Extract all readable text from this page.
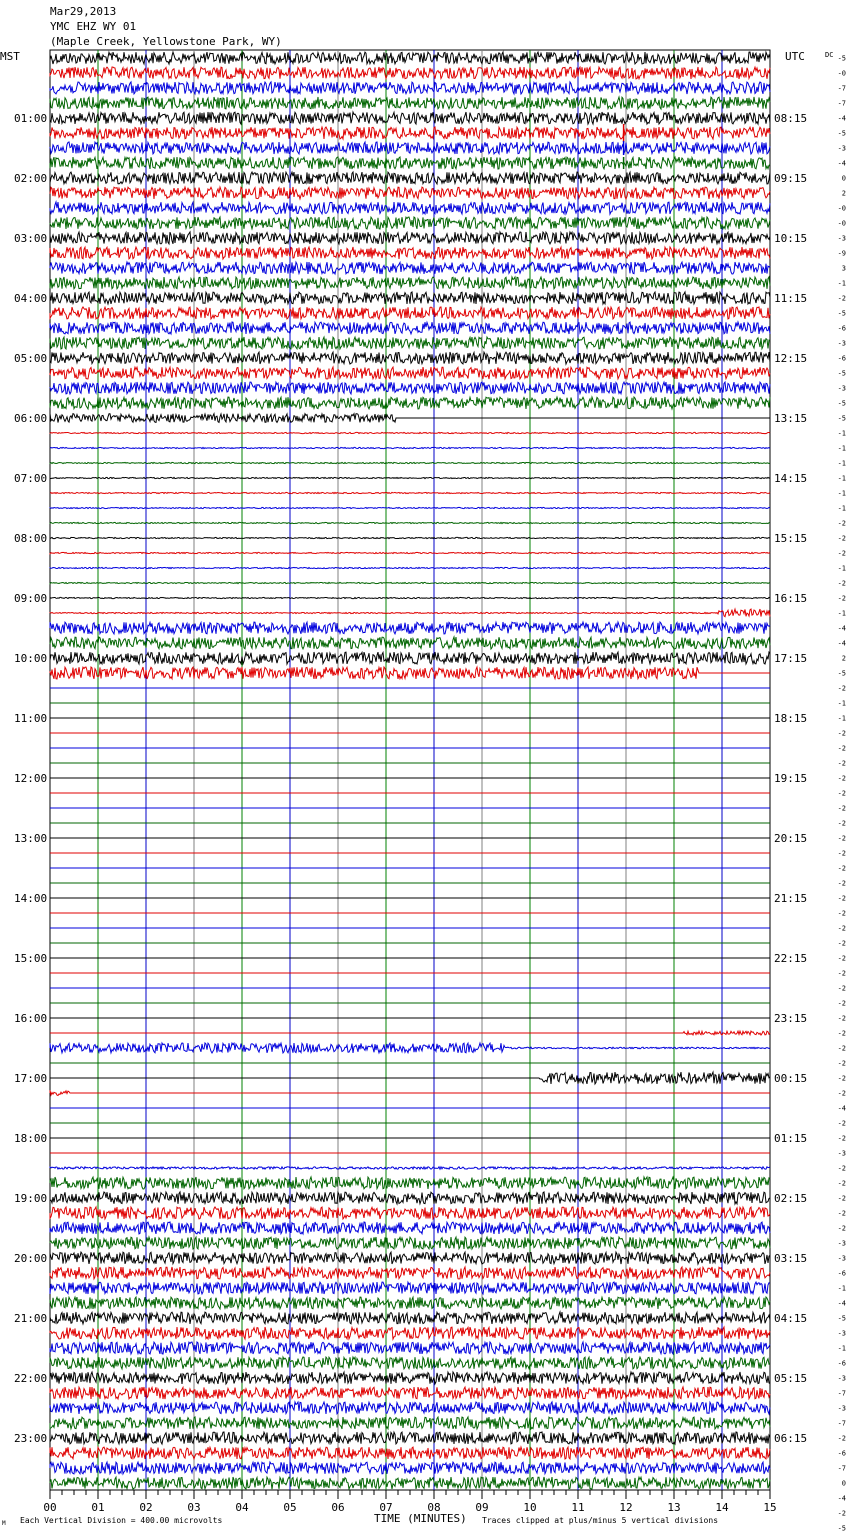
Mar29,2013
YMC EHZ WY 01
(Maple Creek, Yellowstone Park, WY)
MST	UTC	DC
01:00
02:00
03:00
04:00
05:00
06:00
07:00
08:00
09:00
10:00
11:00
12:00
13:00
14:00
15:00
16:00
17:00
18:00
19:00
20:00
21:00
22:00
23:00
08:15
09:15
10:15
11:15
12:15
13:15
14:15
15:15
16:15
17:15
18:15
19:15
20:15
21:15
22:15
23:15
00:15
01:15
02:15
03:15
04:15
05:15
06:15
-5
-0
-7
-7
-4
-5
-3
-4
0
2
-0
-0
-3
-9
3
-1
-2
-5
-6
-3
-6
-5
-3
-5
-5
-1
-1
-1
-1
-1
-1
-2
-2
-2
-1
-2
-2
-1
-4
-4
2
-5
-2
-1
-1
-2
-2
-2
-2
-2
-2
-2
-2
-2
-2
-2
-2
-2
-2
-2
-2
-2
-2
-2
-2
-2
-2
-2
-2
-2
-4
-2
-2
-3
-2
-2
-2
-2
-2
-3
-3
-6
-1
-4
-5
-3
-1
-6
-3
-7
-3
-7
-2
-6
-7
0
-4
-2
-5
00	01	02	03	04	05	06	07	08	09	10	11	12	13	14	15
M Each Vertical Division = 400.00 microvolts	TIME (MINUTES) Traces clipped at plus/minus 5 vertical divisions
